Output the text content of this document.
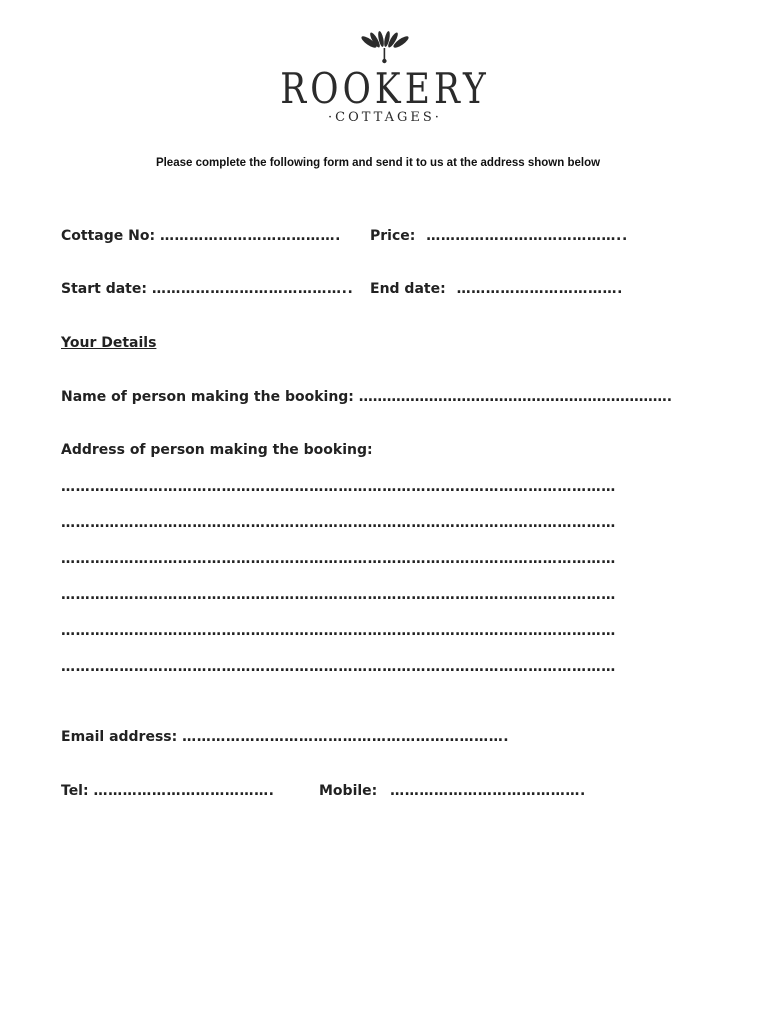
ROOKERY
·COTTAGES·
Please complete the following form and send it to us at the address shown below
Cottage No: ………………………………. Price: …………………………………..
Start date: ………………………………….. End date: …………………………….
Your Details
Name of person making the booking: ………………………………………………………….
Address of person making the booking:
……………………………………………………………………………………………………
……………………………………………………………………………………………………
……………………………………………………………………………………………………
……………………………………………………………………………………………………
……………………………………………………………………………………………………
……………………………………………………………………………………………………
Email address: ………………………………………………………….
Tel: ……………………………….	Mobile: ………………………………….
